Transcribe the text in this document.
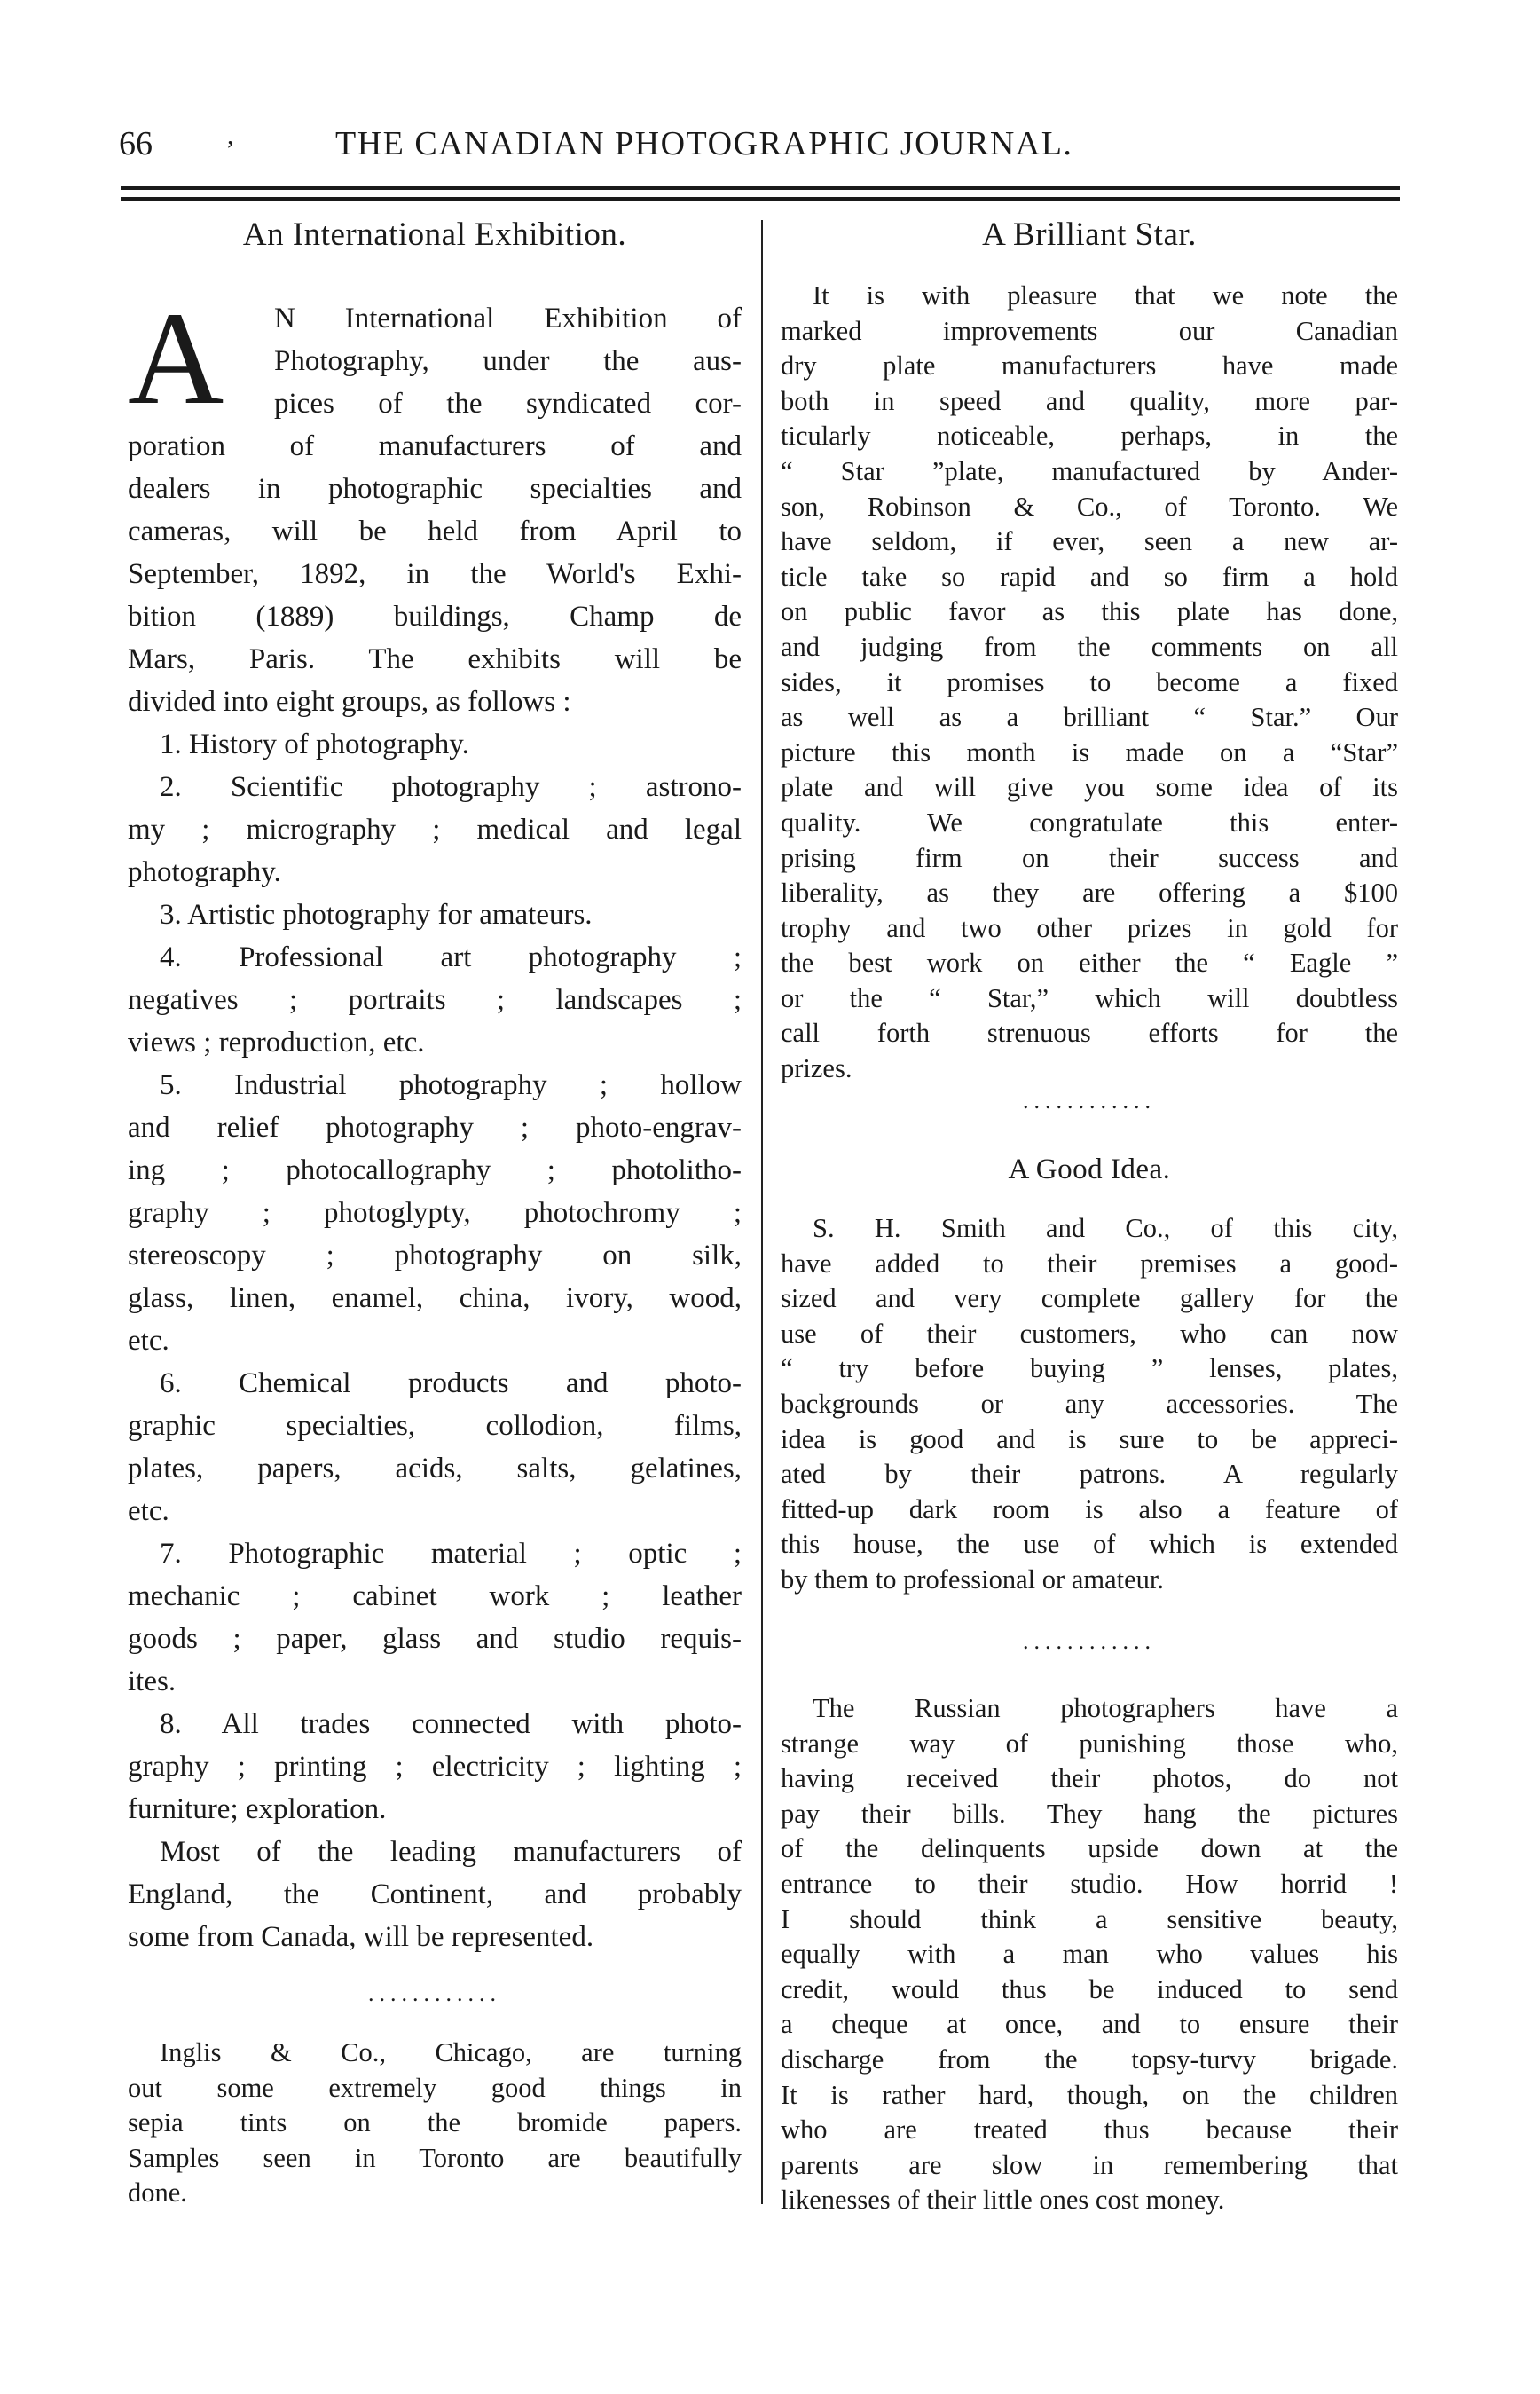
66	,	THE CANADIAN PHOTOGRAPHIC JOURNAL.
An International Exhibition.
A	N International Exhibition of
Photography, under the aus-
pices of the syndicated cor-
poration of manufacturers of and
dealers in photographic specialties and
cameras, will be held from April to
September, 1892, in the World's Exhi-
bition (1889) buildings, Champ de
Mars, Paris. The exhibits will be
divided into eight groups, as follows :
1. History of photography.
2. Scientific photography ; astrono-
my ; micrography ; medical and legal
photography.
3. Artistic photography for amateurs.
4. Professional art photography ;
negatives ; portraits ; landscapes ;
views ; reproduction, etc.
5. Industrial photography ; hollow
and relief photography ; photo-engrav-
ing ; photocallography ; photolitho-
graphy ; photoglypty, photochromy ;
stereoscopy ; photography on silk,
glass, linen, enamel, china, ivory, wood,
etc.
6. Chemical products and photo-
graphic specialties, collodion, films,
plates, papers, acids, salts, gelatines,
etc.
7. Photographic material ; optic ;
mechanic ; cabinet work ; leather
goods ; paper, glass and studio requis-
ites.
8. All trades connected with photo-
graphy ; printing ; electricity ; lighting ;
furniture; exploration.
Most of the leading manufacturers of
England, the Continent, and probably
some from Canada, will be represented.
............
Inglis & Co., Chicago, are turning
out some extremely good things in
sepia tints on the bromide papers.
Samples seen in Toronto are beautifully
done.
A Brilliant Star.
It is with pleasure that we note the
marked improvements our Canadian
dry plate manufacturers have made
both in speed and quality, more par-
ticularly noticeable, perhaps, in the
“ Star ”plate, manufactured by Ander-
son, Robinson & Co., of Toronto. We
have seldom, if ever, seen a new ar-
ticle take so rapid and so firm a hold
on public favor as this plate has done,
and judging from the comments on all
sides, it promises to become a fixed
as well as a brilliant “ Star.” Our
picture this month is made on a “Star”
plate and will give you some idea of its
quality. We congratulate this enter-
prising firm on their success and
liberality, as they are offering a $100
trophy and two other prizes in gold for
the best work on either the “ Eagle ”
or the “ Star,” which will doubtless
call forth strenuous efforts for the
prizes.
............
A Good Idea.
S. H. Smith and Co., of this city,
have added to their premises a good-
sized and very complete gallery for the
use of their customers, who can now
“ try before buying ” lenses, plates,
backgrounds or any accessories. The
idea is good and is sure to be appreci-
ated by their patrons. A regularly
fitted-up dark room is also a feature of
this house, the use of which is extended
by them to professional or amateur.
............
The Russian photographers have a
strange way of punishing those who,
having received their photos, do not
pay their bills. They hang the pictures
of the delinquents upside down at the
entrance to their studio. How horrid !
I should think a sensitive beauty,
equally with a man who values his
credit, would thus be induced to send
a cheque at once, and to ensure their
discharge from the topsy-turvy brigade.
It is rather hard, though, on the children
who are treated thus because their
parents are slow in remembering that
likenesses of their little ones cost money.
